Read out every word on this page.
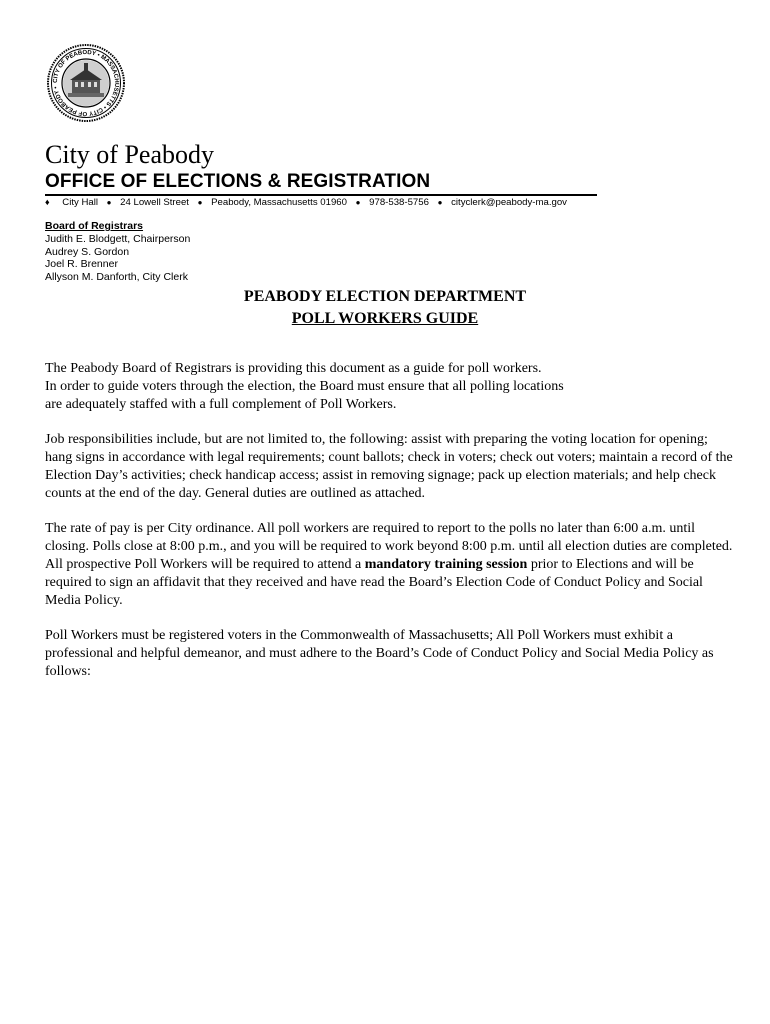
CITY OF PEABODY • MASSACHUSETTS • CITY OF PEABODY •
City of Peabody
OFFICE OF ELECTIONS & REGISTRATION
♦ City Hall ● 24 Lowell Street ● Peabody, Massachusetts 01960 ● 978-538-5756 ● cityclerk@peabody-ma.gov
Board of Registrars
Judith E. Blodgett, Chairperson
Audrey S. Gordon
Joel R. Brenner
Allyson M. Danforth, City Clerk
PEABODY ELECTION DEPARTMENT
POLL WORKERS GUIDE

The Peabody Board of Registrars is providing this document as a guide for poll workers.
In order to guide voters through the election, the Board must ensure that all polling locations
are adequately staffed with a full complement of Poll Workers.

Job responsibilities include, but are not limited to, the following: assist with preparing the voting location for opening; hang signs in accordance with legal requirements; count ballots; check in voters; check out voters; maintain a record of the Election Day’s activities; check handicap access; assist in removing signage; pack up election materials; and help check counts at the end of the day. General duties are outlined as attached.

The rate of pay is per City ordinance. All poll workers are required to report to the polls no later than 6:00 a.m. until closing. Polls close at 8:00 p.m., and you will be required to work beyond 8:00 p.m. until all election duties are completed. All prospective Poll Workers will be required to attend a mandatory training session prior to Elections and will be required to sign an affidavit that they received and have read the Board’s Election Code of Conduct Policy and Social Media Policy.

Poll Workers must be registered voters in the Commonwealth of Massachusetts; All Poll Workers must exhibit a professional and helpful demeanor, and must adhere to the Board’s Code of Conduct Policy and Social Media Policy as follows:
